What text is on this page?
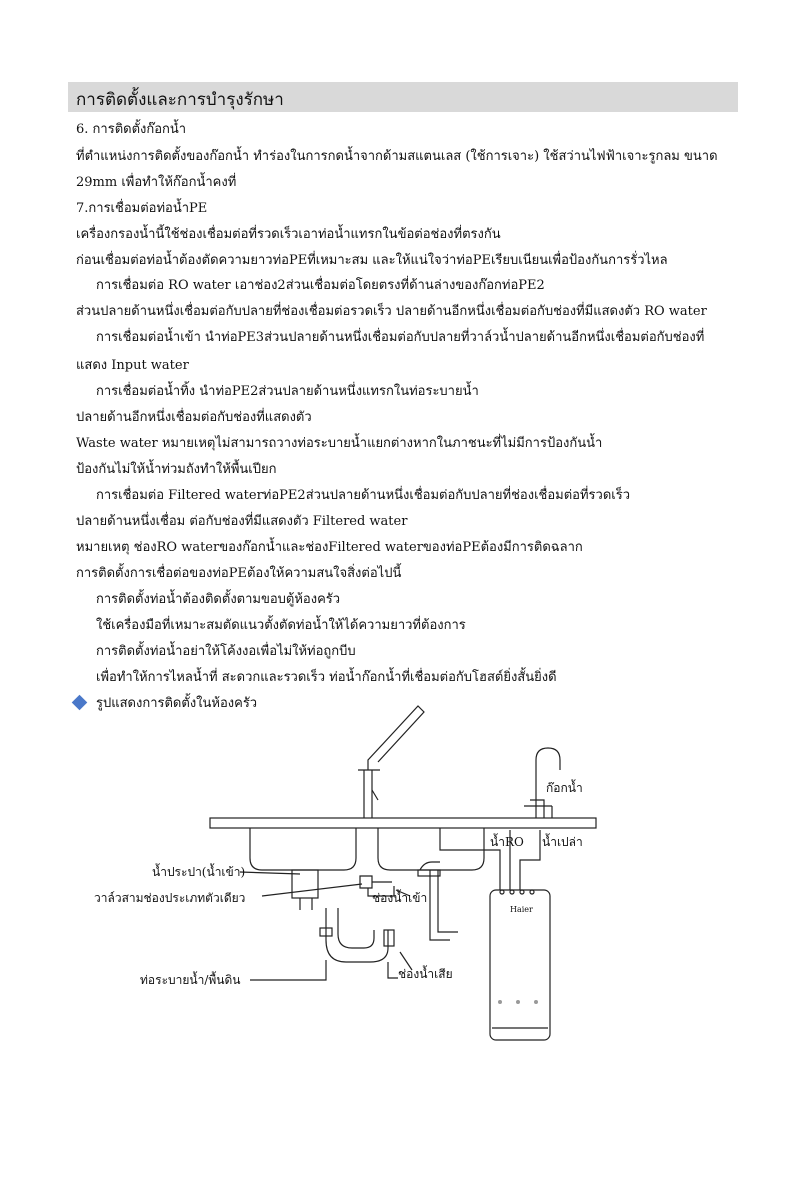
การติดตั้งและการบำรุงรักษา
6. การติดตั้งก๊อกน้ำ
ที่ตำแหน่งการติดตั้งของก๊อกน้ำ ทำร่องในการกดน้ำจากด้ามสแตนเลส (ใช้การเจาะ) ใช้สว่านไฟฟ้าเจาะรูกลม ขนาด
29mm เพื่อทำให้ก๊อกน้ำคงที่
7.การเชื่อมต่อท่อน้ำPE
เครื่องกรองน้ำนี้ใช้ช่องเชื่อมต่อที่รวดเร็วเอาท่อน้ำแทรกในข้อต่อช่องที่ตรงกัน
ก่อนเชื่อมต่อท่อน้ำต้องตัดความยาวท่อPEที่เหมาะสม และให้แน่ใจว่าท่อPEเรียบเนียนเพื่อป้องกันการรั่วไหล
การเชื่อมต่อ RO water เอาช่อง2ส่วนเชื่อมต่อโดยตรงที่ด้านล่างของก๊อกท่อPE2
ส่วนปลายด้านหนึ่งเชื่อมต่อกับปลายที่ช่องเชื่อมต่อรวดเร็ว ปลายด้านอีกหนึ่งเชื่อมต่อกับช่องที่มีแสดงตัว RO water
การเชื่อมต่อน้ำเข้า นำท่อPE3ส่วนปลายด้านหนึ่งเชื่อมต่อกับปลายที่วาล์วน้ำปลายด้านอีกหนึ่งเชื่อมต่อกับช่องที่
แสดง Input water
การเชื่อมต่อน้ำทิ้ง นำท่อPE2ส่วนปลายด้านหนึ่งแทรกในท่อระบายน้ำ
ปลายด้านอีกหนึ่งเชื่อมต่อกับช่องที่แสดงตัว
Waste water หมายเหตุไม่สามารถวางท่อระบายน้ำแยกต่างหากในภาชนะที่ไม่มีการป้องกันน้ำ
ป้องกันไม่ให้น้ำท่วมถังทำให้พื้นเปียก
การเชื่อมต่อ Filtered waterท่อPE2ส่วนปลายด้านหนึ่งเชื่อมต่อกับปลายที่ช่องเชื่อมต่อที่รวดเร็ว
ปลายด้านหนึ่งเชื่อม ต่อกับช่องที่มีแสดงตัว Filtered water
หมายเหตุ ช่องRO waterของก๊อกน้ำและช่องFiltered waterของท่อPEต้องมีการติดฉลาก
การติดตั้งการเชื่อต่อของท่อPEต้องให้ความสนใจสิ่งต่อไปนี้
การติดตั้งท่อน้ำต้องติดตั้งตามขอบตู้ห้องครัว
ใช้เครื่องมือที่เหมาะสมตัดแนวตั้งตัดท่อน้ำให้ได้ความยาวที่ต้องการ
การติดตั้งท่อน้ำอย่าให้โค้งงอเพื่อไม่ให้ท่อถูกบีบ
เพื่อทำให้การไหลน้ำที่ สะดวกและรวดเร็ว ท่อน้ำก๊อกน้ำที่เชื่อมต่อกับโฮสต์ยิ่งสั้นยิ่งดี
รูปแสดงการติดตั้งในห้องครัว
Haier
ก๊อกน้ำ
น้ำRO น้ำเปล่า
น้ำประปา(น้ำเข้า)
วาล์วสามช่องประเภทตัวเดียว	ช่องน้ำเข้า
ช่องน้ำเสีย
ท่อระบายน้ำ/พื้นดิน
